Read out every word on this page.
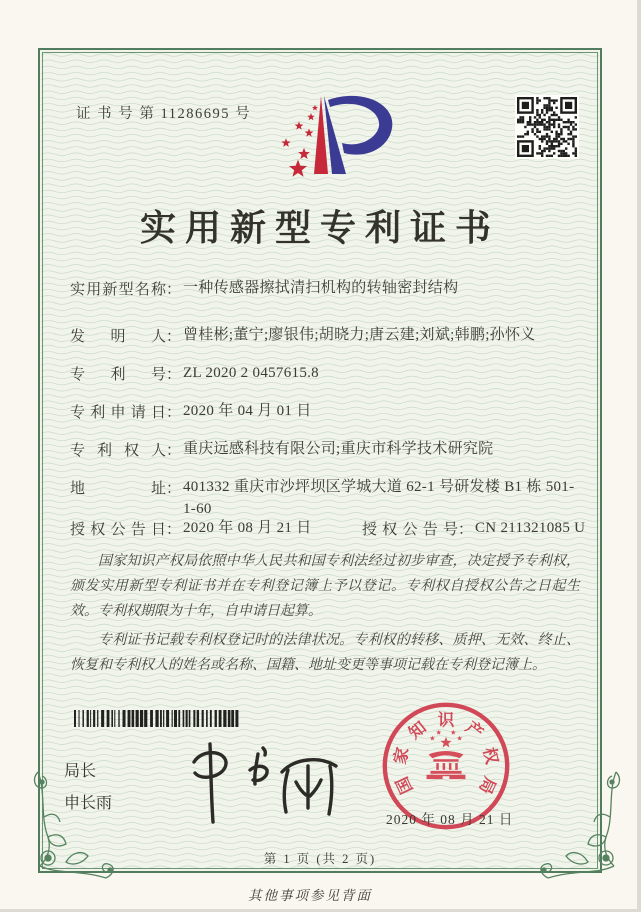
证 书 号 第 11286695 号
实用新型专利证书
实用新型名称： 一种传感器擦拭清扫机构的转轴密封结构
发明人： 曾桂彬;董宁;廖银伟;胡晓力;唐云建;刘斌;韩鹏;孙怀义
专利号： ZL 2020 2 0457615.8
专利申请日： 2020 年 04 月 01 日
专利权人： 重庆远感科技有限公司;重庆市科学技术研究院
地址： 401332 重庆市沙坪坝区学城大道 62-1 号研发楼 B1 栋 501-1-60
授权公告日： 2020 年 08 月 21 日	授权公告号： CN 211321085 U

国家知识产权局依照中华人民共和国专利法经过初步审查，决定授予专利权，颁发实用新型专利证书并在专利登记簿上予以登记。专利权自授权公告之日起生效。专利权期限为十年，自申请日起算。

专利证书记载专利权登记时的法律状况。专利权的转移、质押、无效、终止、恢复和专利权人的姓名或名称、国籍、地址变更等事项记载在专利登记簿上。

局长
申长雨
国
家
知 识 产
权
局
2020 年 08 月 21 日
第 1 页 (共 2 页)
其他事项参见背面
